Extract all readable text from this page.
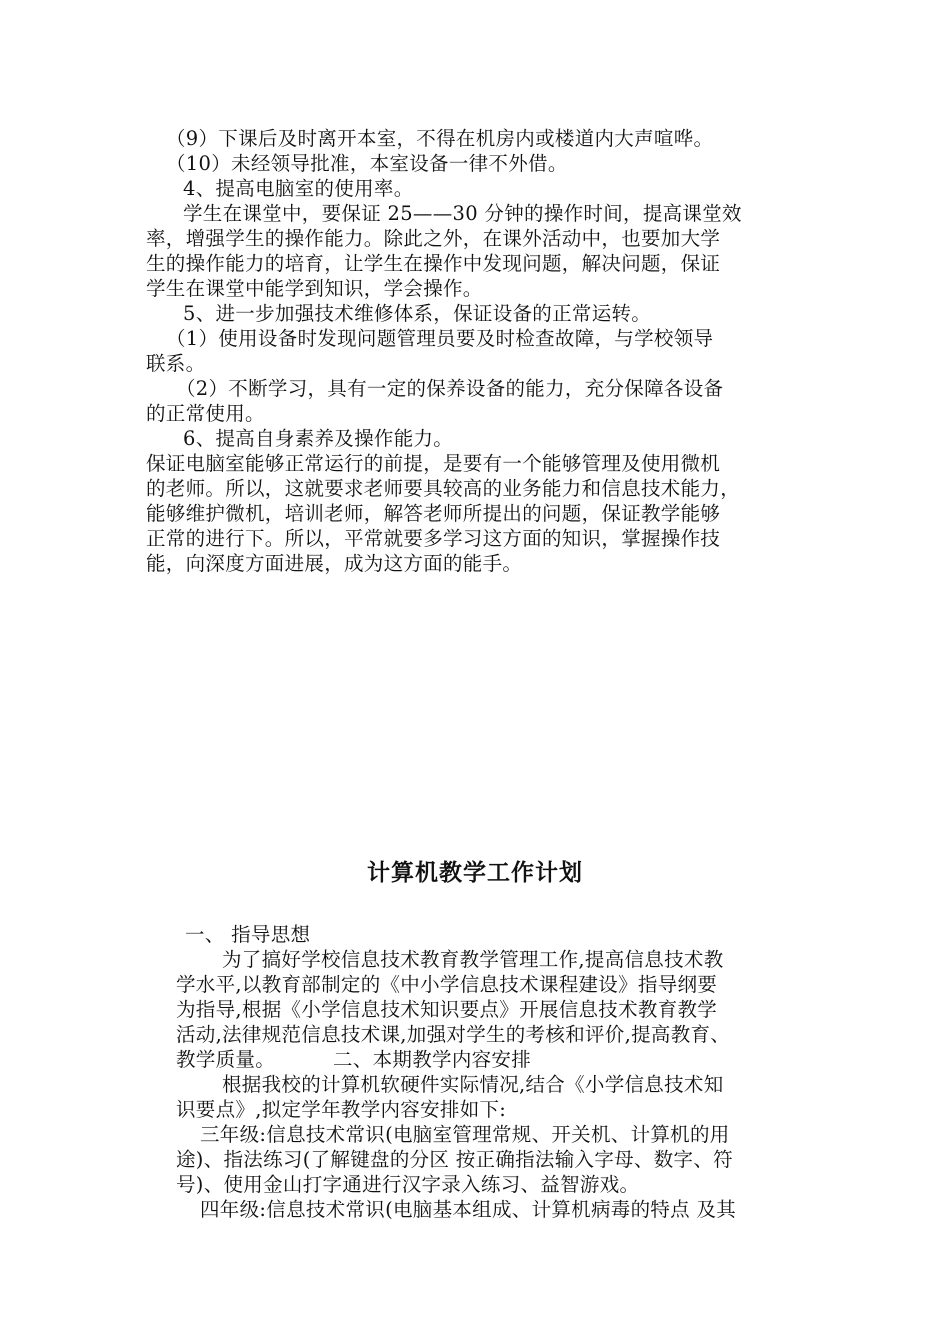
（9）下课后及时离开本室，不得在机房内或楼道内大声喧哗。
（10）未经领导批准，本室设备一律不外借。
4、提高电脑室的使用率。
学生在课堂中，要保证 25——30 分钟的操作时间，提高课堂效
率，增强学生的操作能力。除此之外，在课外活动中，也要加大学
生的操作能力的培育，让学生在操作中发现问题，解决问题，保证
学生在课堂中能学到知识，学会操作。
5、进一步加强技术维修体系，保证设备的正常运转。
（1）使用设备时发现问题管理员要及时检查故障，与学校领导
联系。
（2）不断学习，具有一定的保养设备的能力，充分保障各设备
的正常使用。
6、提高自身素养及操作能力。
保证电脑室能够正常运行的前提，是要有一个能够管理及使用微机
的老师。所以，这就要求老师要具较高的业务能力和信息技术能力，
能够维护微机，培训老师，解答老师所提出的问题，保证教学能够
正常的进行下。所以，平常就要多学习这方面的知识，掌握操作技
能，向深度方面进展，成为这方面的能手。
计算机教学工作计划
一、 指导思想
为了搞好学校信息技术教育教学管理工作,提高信息技术教
学水平,以教育部制定的《中小学信息技术课程建设》指导纲要
为指导,根据《小学信息技术知识要点》开展信息技术教育教学
活动,法律规范信息技术课,加强对学生的考核和评价,提高教育、
教学质量。	二、本期教学内容安排
根据我校的计算机软硬件实际情况,结合《小学信息技术知
识要点》,拟定学年教学内容安排如下:
三年级:信息技术常识(电脑室管理常规、开关机、计算机的用
途)、指法练习(了解键盘的分区 按正确指法输入字母、数字、符
号)、使用金山打字通进行汉字录入练习、益智游戏。
四年级:信息技术常识(电脑基本组成、计算机病毒的特点 及其
